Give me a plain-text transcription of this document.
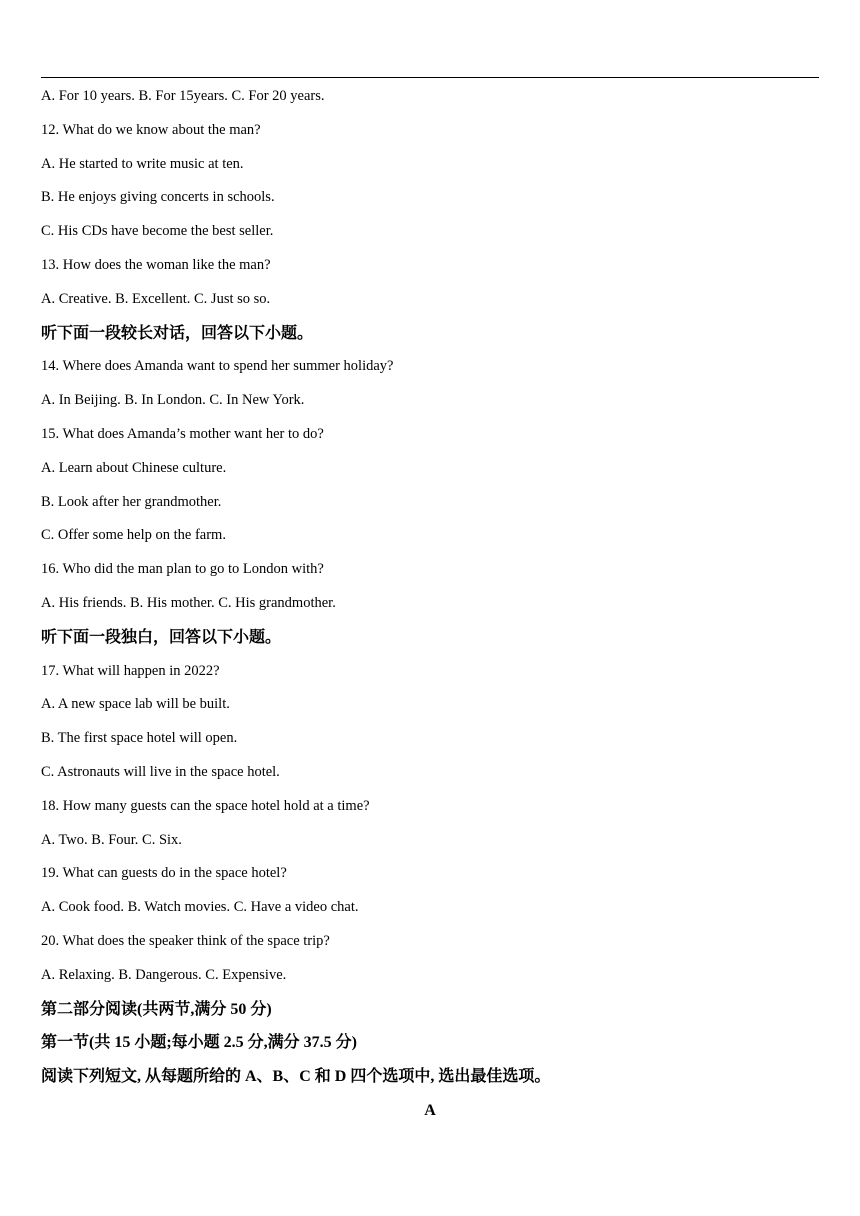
A. For 10 years. B. For 15years. C. For 20 years.
12. What do we know about the man?
A. He started to write music at ten.
B. He enjoys giving concerts in schools.
C. His CDs have become the best seller.
13. How does the woman like the man?
A. Creative. B. Excellent. C. Just so so.
听下面一段较长对话，回答以下小题。
14. Where does Amanda want to spend her summer holiday?
A. In Beijing. B. In London. C. In New York.
15. What does Amanda’s mother want her to do?
A. Learn about Chinese culture.
B. Look after her grandmother.
C. Offer some help on the farm.
16. Who did the man plan to go to London with?
A. His friends. B. His mother. C. His grandmother.
听下面一段独白，回答以下小题。
17. What will happen in 2022?
A. A new space lab will be built.
B. The first space hotel will open.
C. Astronauts will live in the space hotel.
18. How many guests can the space hotel hold at a time?
A. Two. B. Four. C. Six.
19. What can guests do in the space hotel?
A. Cook food. B. Watch movies. C. Have a video chat.
20. What does the speaker think of the space trip?
A. Relaxing. B. Dangerous. C. Expensive.
第二部分阅读(共两节,满分 50 分)
第一节(共 15 小题;每小题 2.5 分,满分 37.5 分)
阅读下列短文, 从每题所给的 A、B、C 和 D 四个选项中, 选出最佳选项。
A
